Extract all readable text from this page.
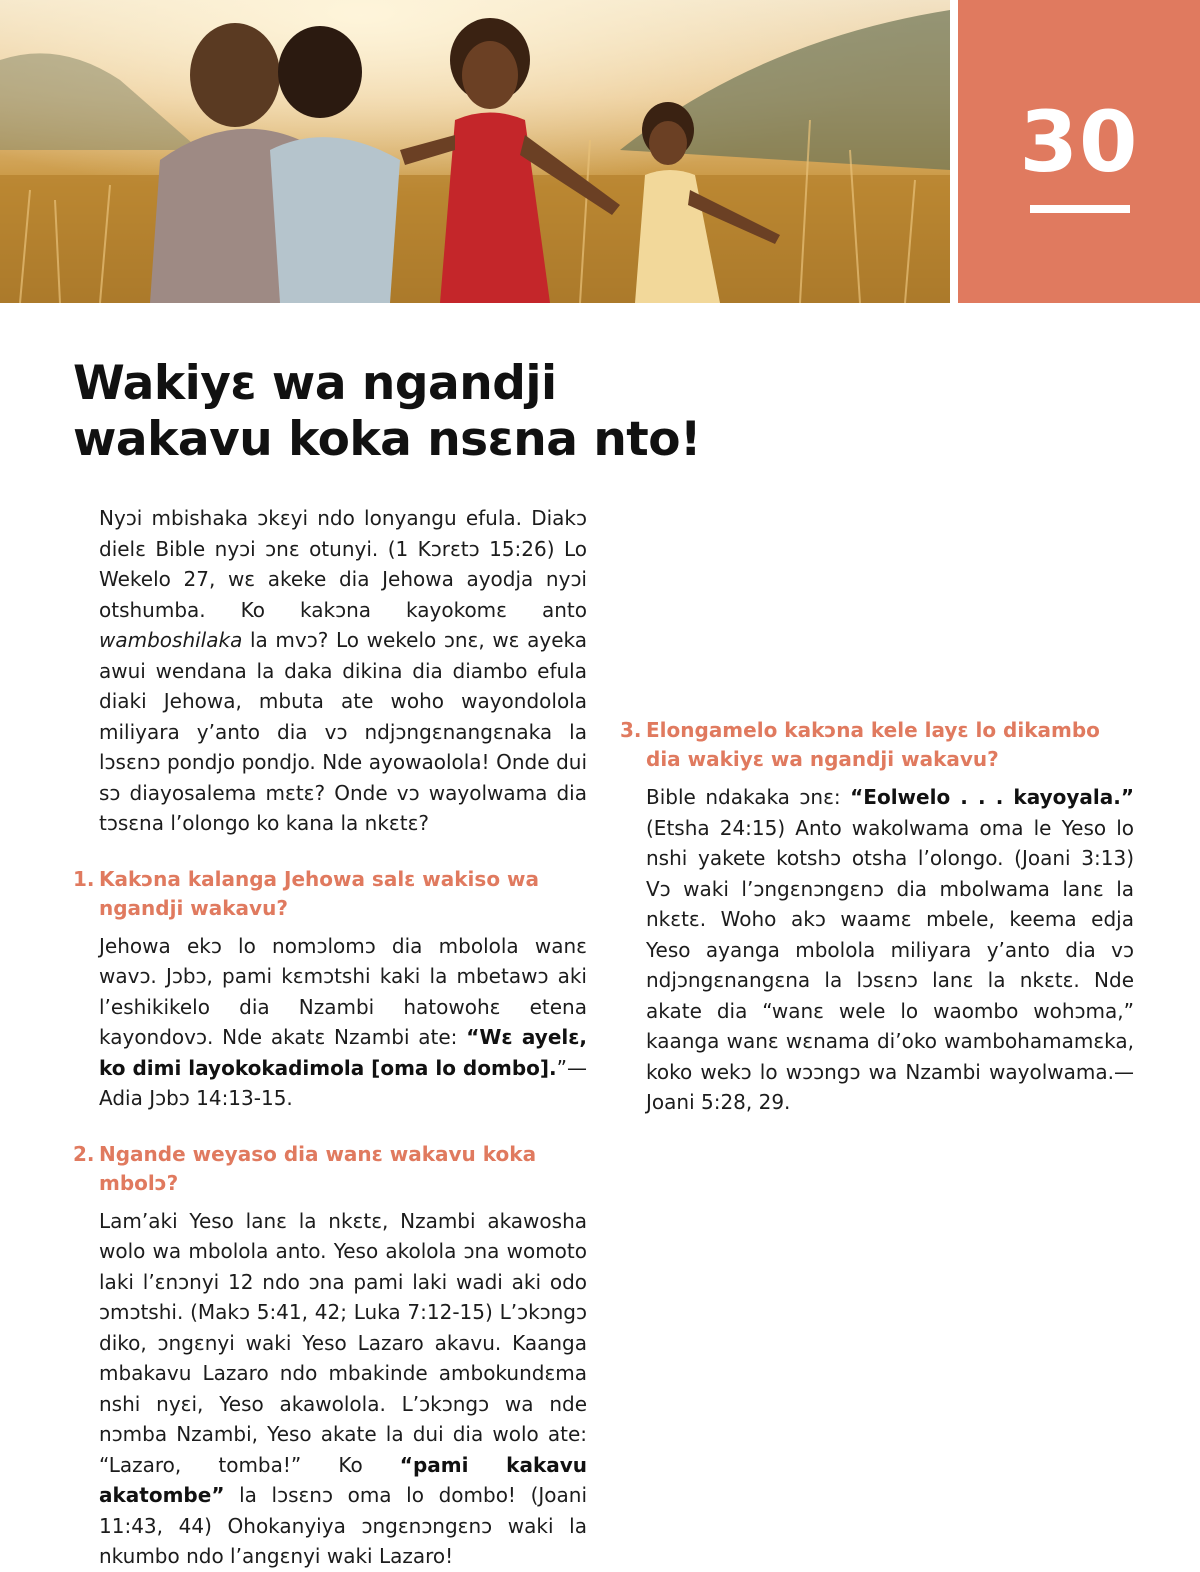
30
Wakiyɛ wa ngandji
wakavu koka nsɛna nto!

Nyɔi mbishaka ɔkɛyi ndo lonyangu efula. Diakɔ dielɛ Bible nyɔi ɔnɛ otunyi. (1 Kɔrɛtɔ 15:26) Lo Wekelo 27, wɛ akeke dia Jehowa ayodja nyɔi otshumba. Ko kakɔna kayokomɛ anto wamboshilaka la mvɔ? Lo wekelo ɔnɛ, wɛ ayeka awui wendana la daka dikina dia diambo efula diaki Jehowa, mbuta ate woho wayondolola miliyara y’anto dia vɔ ndjɔngɛnangɛnaka la lɔsɛnɔ pondjo pondjo. Nde ayowaolola! Onde dui sɔ diayosalema mɛtɛ? Onde vɔ wayolwama dia tɔsɛna l’olongo ko kana la nkɛtɛ?

1. Kakɔna kalanga Jehowa salɛ wakiso wa ngandji wakavu?

Jehowa ekɔ lo nomɔlomɔ dia mbolola wanɛ wavɔ. Jɔbɔ, pami kɛmɔtshi kaki la mbetawɔ aki l’eshikikelo dia Nzambi hatowohɛ etena kayondovɔ. Nde akatɛ Nzambi ate: “Wɛ ayelɛ, ko dimi layokokadimola [oma lo dombo].”—Adia Jɔbɔ 14:13-15.

2. Ngande weyaso dia wanɛ wakavu koka mbolɔ?

Lam’aki Yeso lanɛ la nkɛtɛ, Nzambi akawosha wolo wa mbolola anto. Yeso akolola ɔna womoto laki l’ɛnɔnyi 12 ndo ɔna pami laki wadi aki odo ɔmɔtshi. (Makɔ 5:41, 42; Luka 7:12-15) L’ɔkɔngɔ diko, ɔngɛnyi waki Yeso Lazaro akavu. Kaanga mbakavu Lazaro ndo mbakinde ambokundɛma nshi nyɛi, Yeso akawolola. L’ɔkɔngɔ wa nde nɔmba Nzambi, Yeso akate la dui dia wolo ate: “Lazaro, tomba!” Ko “pami kakavu akatombe” la lɔsɛnɔ oma lo dombo! (Joani 11:43, 44) Ohokanyiya ɔngɛnɔngɛnɔ waki la nkumbo ndo l’angɛnyi waki Lazaro!

3. Elongamelo kakɔna kele layɛ lo dikambo dia wakiyɛ wa ngandji wakavu?

Bible ndakaka ɔnɛ: “Eolwelo . . . kayoyala.” (Etsha 24:15) Anto wakolwama oma le Yeso lo nshi yakete kotshɔ otsha l’olongo. (Joani 3:13) Vɔ waki l’ɔngɛnɔngɛnɔ dia mbolwama lanɛ la nkɛtɛ. Woho akɔ waamɛ mbele, keema edja Yeso ayanga mbolola miliyara y’anto dia vɔ ndjɔngɛnangɛna la lɔsɛnɔ lanɛ la nkɛtɛ. Nde akate dia “wanɛ wele lo waombo wohɔma,” kaanga wanɛ wɛnama di’oko wambohamamɛka, koko wekɔ lo wɔɔngɔ wa Nzambi wayolwama.—Joani 5:28, 29.
